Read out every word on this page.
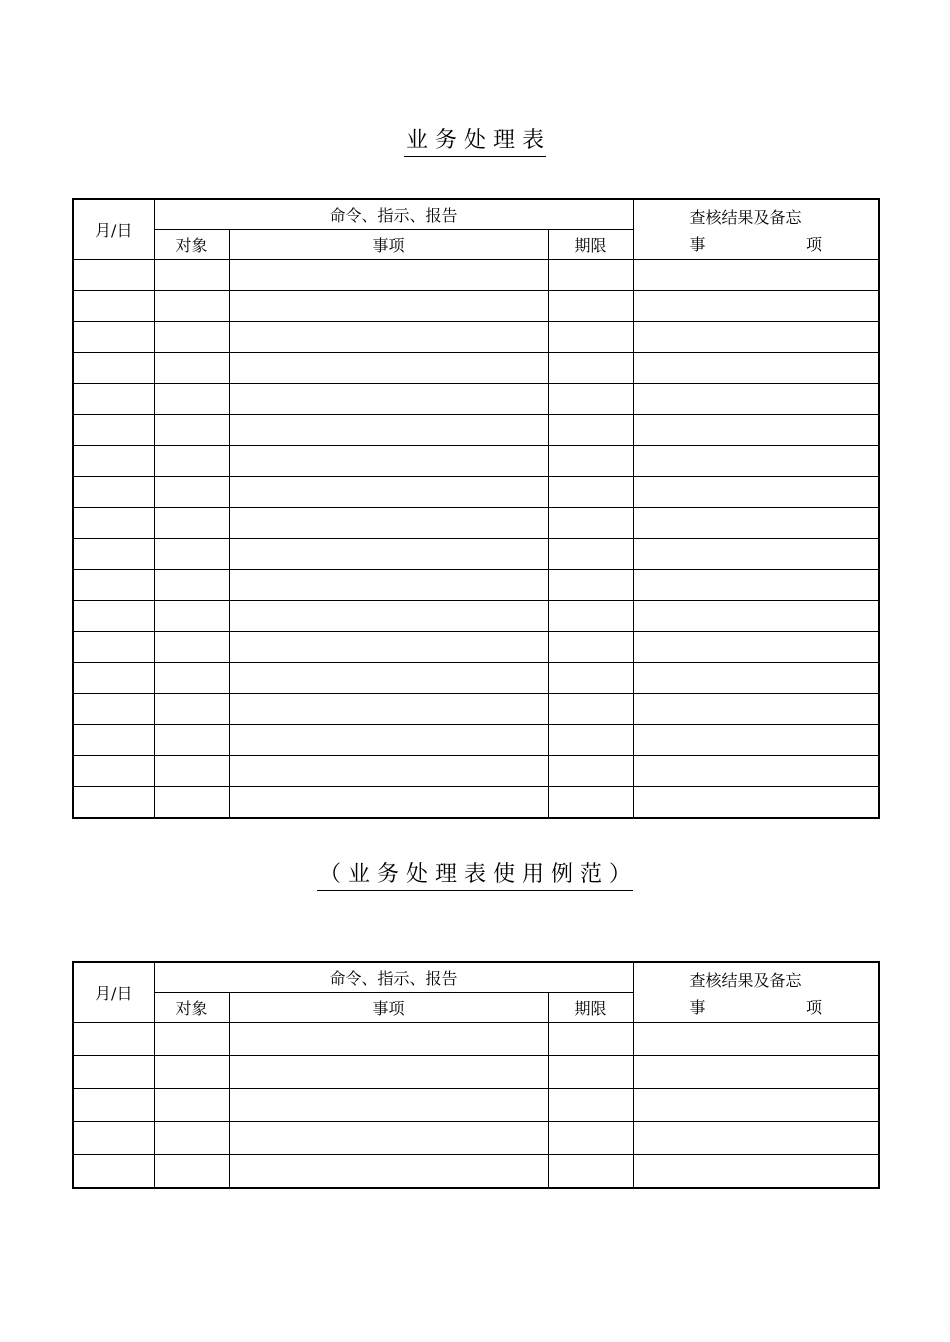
业 务 处 理 表
月/日	命令、指示、报告			查核结果及备忘
事 项

	对象	事项	期限	

（ 业 务 处 理 表 使 用 例 范 ）
月/日	命令、指示、报告			查核结果及备忘
事 项

	对象	事项	期限	
